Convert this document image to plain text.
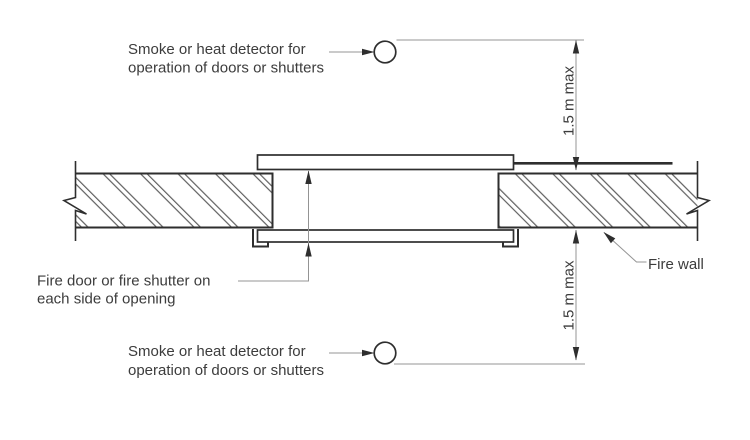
Fire door or fire shutter on
each side of opening
Smoke or heat detector for
operation of doors or shutters	1.5 m max
1.5 m max
Smoke or heat detector for
operation of doors or shutters
Fire wall
